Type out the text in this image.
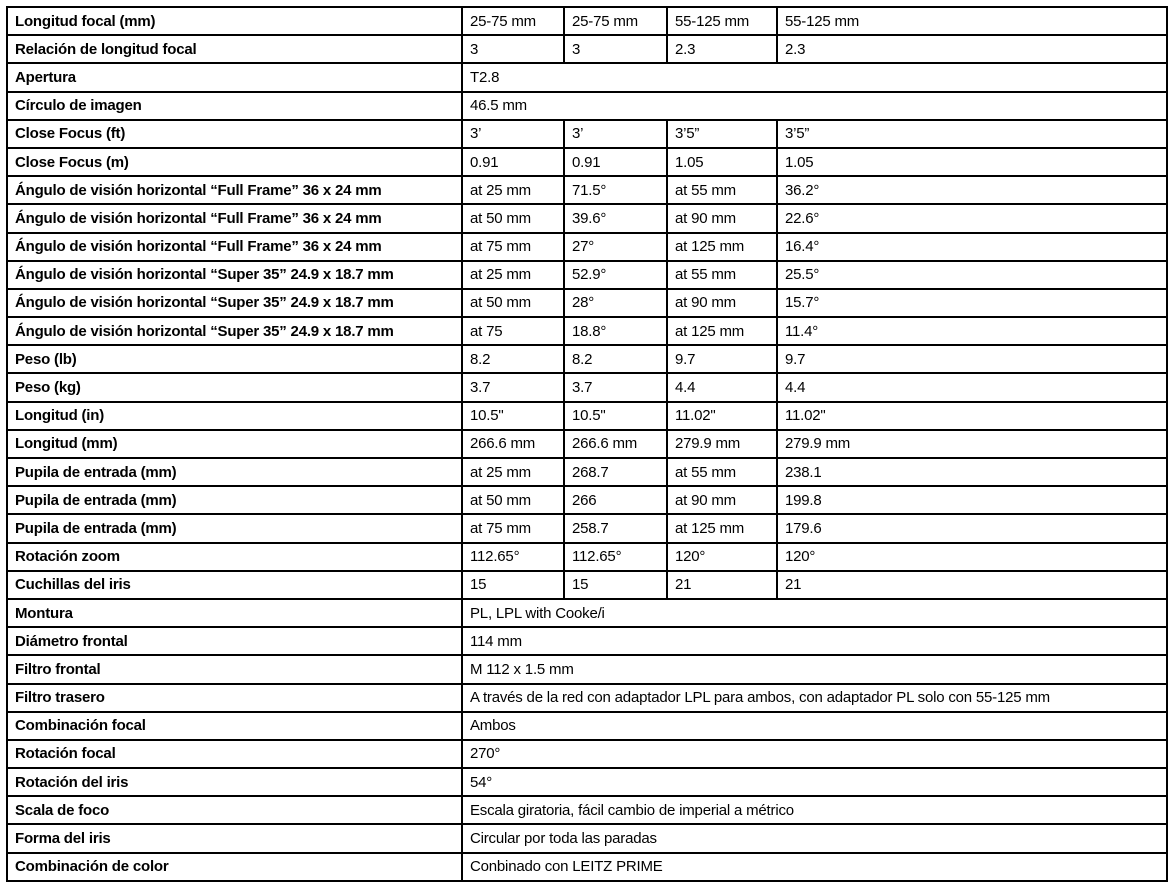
Longitud focal (mm)	25-75 mm	25-75 mm	55-125 mm	55-125 mm
Relación de longitud focal	3	3	2.3	2.3
Apertura	T2.8			
Círculo de imagen	46.5 mm			
Close Focus (ft)	3’	3’	3’5”	3’5”
Close Focus (m)	0.91	0.91	1.05	1.05
Ángulo de visión horizontal “Full Frame” 36 x 24 mm	at 25 mm	71.5°	at 55 mm	36.2°
Ángulo de visión horizontal “Full Frame” 36 x 24 mm	at 50 mm	39.6°	at 90 mm	22.6°
Ángulo de visión horizontal “Full Frame” 36 x 24 mm	at 75 mm	27°	at 125 mm	16.4°
Ángulo de visión horizontal “Super 35” 24.9 x 18.7 mm	at 25 mm	52.9°	at 55 mm	25.5°
Ángulo de visión horizontal “Super 35” 24.9 x 18.7 mm	at 50 mm	28°	at 90 mm	15.7°
Ángulo de visión horizontal “Super 35” 24.9 x 18.7 mm	at 75	18.8°	at 125 mm	11.4°
Peso (lb)	8.2	8.2	9.7	9.7
Peso (kg)	3.7	3.7	4.4	4.4
Longitud (in)	10.5"	10.5"	11.02"	11.02"
Longitud (mm)	266.6 mm	266.6 mm	279.9 mm	279.9 mm
Pupila de entrada (mm)	at 25 mm	268.7	at 55 mm	238.1
Pupila de entrada (mm)	at 50 mm	266	at 90 mm	199.8
Pupila de entrada (mm)	at 75 mm	258.7	at 125 mm	179.6
Rotación zoom	112.65°	112.65°	120°	120°
Cuchillas del iris	15	15	21	21
Montura	PL, LPL with Cooke/i			
Diámetro frontal	114 mm			
Filtro frontal	M 112 x 1.5 mm			
Filtro trasero	A través de la red con adaptador LPL para ambos, con adaptador PL solo con 55-125 mm			
Combinación focal	Ambos			
Rotación focal	270°			
Rotación del iris	54°			
Scala de foco	Escala giratoria, fácil cambio de imperial a métrico			
Forma del iris	Circular por toda las paradas			
Combinación de color	Conbinado con LEITZ PRIME			
